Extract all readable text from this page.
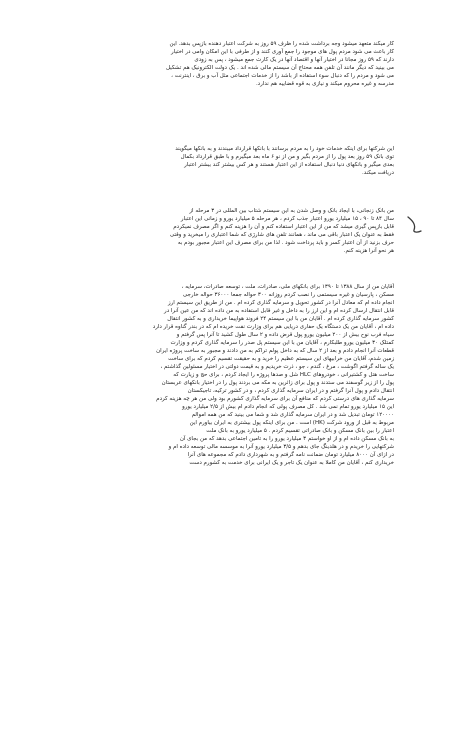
کار میکند متعهد میشود وجه برداشت شده را ظرف ۵۹ روز به شرکت اعتبار دهنده بازپس بدهد. این
کار باعث می شود مردم پول های موجود را جمع آوری کنند و از طرفی با این امکان وامی در اختیار
دارند که ۵۹ روز مجانا در اختیار آنها و اقتصاد آنها در یک کارت جمع میشود ، پس به زودی
می بینید که دیگر مانند آن تلفن همه محتاج آن سیستم مالی شده اند . یک دولت الکترونیک هم تشکیل
می شود و مردم را که دنبال سوء استفاده از باشد را از خدمات اجتماعی مثل آب و برق ، اینترنت ،
مدرسه و غیره محروم میکند و نیازی به قوه قضاییه هم ندارد.
این شرکتها برای اینکه خدمات خود را به مردم برسانند با بانکها قرارداد میبندند و به بانکها میگویند
توی بانک ۵۹ روز بعد پول را از مردم بگیر و من از نو ۶ ماه بعد میگیرم و با طبق قرارداد بکمال
بعدی میگیر و بانکهای دنیا دنبال استفاده از این اعتبار هستند و هر کس بیشتر کند بیشتر اعتبار
دریافت میکند.
من بانک زنجانی، با ایجاد بانک و وصل شدن به این سیستم شتاب بین المللی در ۳ مرحله از
سال ۸۴ تا ۹۰ ، ۱۵ میلیارد یورو اعتبار جذب کردم ، هر مرحله ۵ میلیارد یورو و زمانی این اعتبار
قابل بازپس گیری میشد که من از این اعتبار استفاده کنم و آن را هزینه کنم و اگر مصرف نمیکردم
فقط به عنوان یک اعتبار باقی می ماند ، همانند تلفن های شارژی که شما اعتباری را میخرید و وقتی
حرف بزنید از آن اعتبار کسر و باید پرداخت شود . لذا من برای مصرف این اعتبار مجبور بودم به
هر نحو آنرا هزینه کنم.
آقایان من از سال ۱۳۸۸ تا ۱۳۹۰ برای بانکهای ملی، صادرات، ملت ، توسعه صادرات، سرمایه ،
مسکن ، پارسیان و غیره سیستمی را نصب کردم روزانه ۳۰۰ حواله جمعا ۳۶۰۰۰ حواله خارجی
انجام داده ام که معادل آنرا در کشور تحویل و سرمایه گذاری کرده ام . من از طریق این سیستم ارز
قابل انتقال ارسال کرده ام و این ارز را به داخل و غیر قابل استفاده به من داده اند که من عین آنرا در
کشور سرمایه گذاری کرده ام . آقایان من با این سیستم ۲۴ فروند هواپیما خریداری و به کشور انتقال
داده ام ، آقایان من یک دستگاه یک حفاری دریایی هم برای وزارت نفت خریده ام که در بندر گناوه قرار دارد
سیاه فرب نوح بیش از ۲۰۰ میلیون یورو پول قرض داده و ۲ سال طول کشید تا آنرا پس گرفتم و
کمتلک ۳۰ میلیون یورو طلبکارم ، آقایان من با این سیستم پل صدر را سرمایه گذاری کردم و وزارت
قطعات آنرا انجام دادم و بعد از ۲ سال که به داخل پولم تراکم به من دادند و مجبور به ساخت پروژه ایران
زمین شدم، آقایان من خرابیهای این سیستم عظیم را خرید و به حقیقت تقسیم کردم که برای ساخت
یک ساله گرفتم اگوشت ، مرغ ، گندم ، جو ، ذرت خریدیم و به قیمت دولتی در اختیار مسئولین گذاشتم ،
ساخت هتل و کشتیرانی ، خودروهای HLC شل و صدها پروژه را ایجاد کردم ، برای حج و زیارت که
پول را از زیر گوسفند می ستدند و پول برای زائرین به مکه می بردند پول را در اختیار بانکهای عربستان
انتقال دادم و پول آنرا گرفتم و در ایران سرمایه گذاری کردم ، و در کشور ترکیه، تاجیکستان
سرمایه گذاری های درستی کردم که منافع آن برای سرمایه گذاری کشورم بود ولی من هر چه هزینه کردم
این ۱۵ میلیارد یورو تمام نمی شد . کل مصرف پولی که انجام دادم ام بیش از ۲/۵ میلیارد یورو
۱۲۰۰۰۰ تومان تبدیل شد و در ایران سرمایه گذاری شد و شما می بینید که من همه اموالم
مربوط به قبل از ورود شرکت (HK) است . من برای اینکه پول بیشتری به ایران بیاورم این
اعتبار را بین بانک مسکن و بانک صادراتی تقسیم کردم . ۵ میلیارد یورو به بانک ملت
به بانک مسکن داده ام و از او خواستم ۳ میلیارد یورو را به تامین اجتماعی بدهد که من بجای آن
شرکتهایی را خریدم و در هلدینگ جای بدهم و ۳/۵ میلیارد یورو آنرا به موسسه مالی توسعه داده ام و
در ازای آن ۸۰۰۰ میلیارد تومان ضمانت نامه گرفتم و به شهرداری دادم که مجموعه های آنرا
خریداری کنم ، آقایان من کاملا به عنوان یک تاجر و یک ایرانی برای خدمت به کشورم دست
